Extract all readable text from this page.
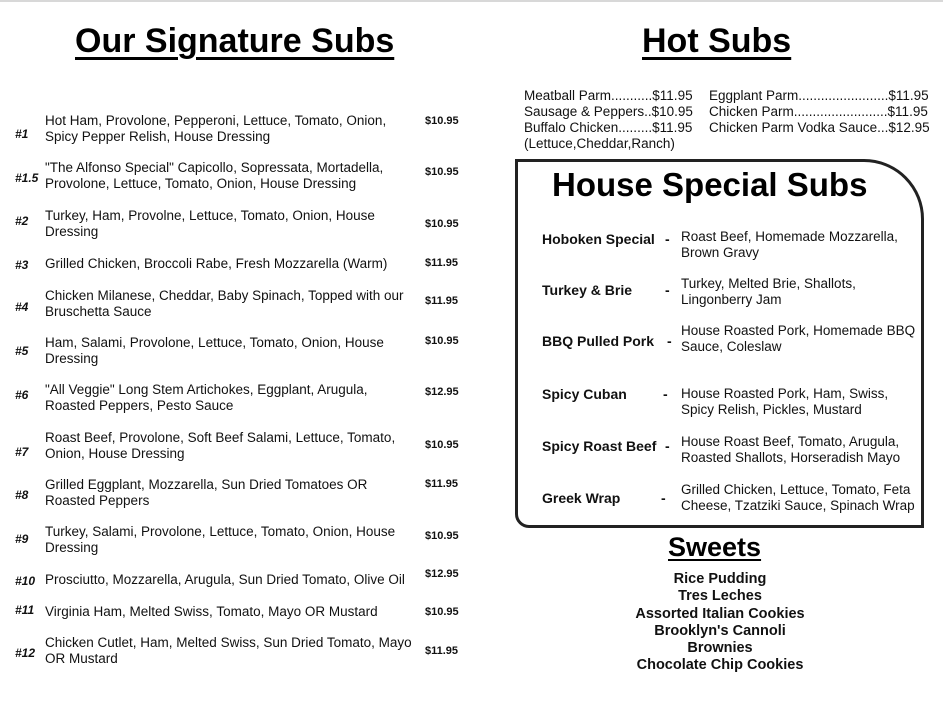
Our Signature Subs
#1
Hot Ham, Provolone, Pepperoni, Lettuce, Tomato, Onion, Spicy Pepper Relish, House Dressing
$10.95
#1.5
"The Alfonso Special" Capicollo, Sopressata, Mortadella, Provolone, Lettuce, Tomato, Onion, House Dressing
$10.95
#2 Turkey, Ham, Provolne, Lettuce, Tomato, Onion, House Dressing	$10.95
#3 Grilled Chicken, Broccoli Rabe, Fresh Mozzarella (Warm)	$11.95
#4
Chicken Milanese, Cheddar, Baby Spinach, Topped with our Bruschetta Sauce
$11.95
#5
Ham, Salami, Provolone, Lettuce, Tomato, Onion, House Dressing
$10.95
#6 "All Veggie" Long Stem Artichokes, Eggplant, Arugula, Roasted Peppers, Pesto Sauce
$12.95
#7
Roast Beef, Provolone, Soft Beef Salami, Lettuce, Tomato, Onion, House Dressing
$10.95
#8
Grilled Eggplant, Mozzarella, Sun Dried Tomatoes OR Roasted Peppers
$11.95
#9 Turkey, Salami, Provolone, Lettuce, Tomato, Onion, House Dressing
$10.95
#10 Prosciutto, Mozzarella, Arugula, Sun Dried Tomato, Olive Oil	$12.95
#11 Virginia Ham, Melted Swiss, Tomato, Mayo OR Mustard	$10.95
#12
Chicken Cutlet, Ham, Melted Swiss, Sun Dried Tomato, Mayo OR Mustard	$11.95
Hot Subs
Meatball Parm...........$11.95
Sausage & Peppers..$10.95
Buffalo Chicken.........$11.95
(Lettuce,Cheddar,Ranch)
Eggplant Parm........................$11.95
Chicken Parm.........................$11.95
Chicken Parm Vodka Sauce...$12.95
House Special Subs
Hoboken Special - Roast Beef, Homemade Mozzarella, Brown Gravy
Turkey & Brie - Turkey, Melted Brie, Shallots, Lingonberry Jam
BBQ Pulled Pork -
House Roasted Pork, Homemade BBQ Sauce, Coleslaw
Spicy Cuban	- House Roasted Pork, Ham, Swiss, Spicy Relish, Pickles, Mustard
Spicy Roast Beef - House Roast Beef, Tomato, Arugula, Roasted Shallots, Horseradish Mayo
Greek Wrap	-
Grilled Chicken, Lettuce, Tomato, Feta Cheese, Tzatziki Sauce, Spinach Wrap
Sweets
Rice Pudding
Tres Leches
Assorted Italian Cookies
Brooklyn's Cannoli
Brownies
Chocolate Chip Cookies
